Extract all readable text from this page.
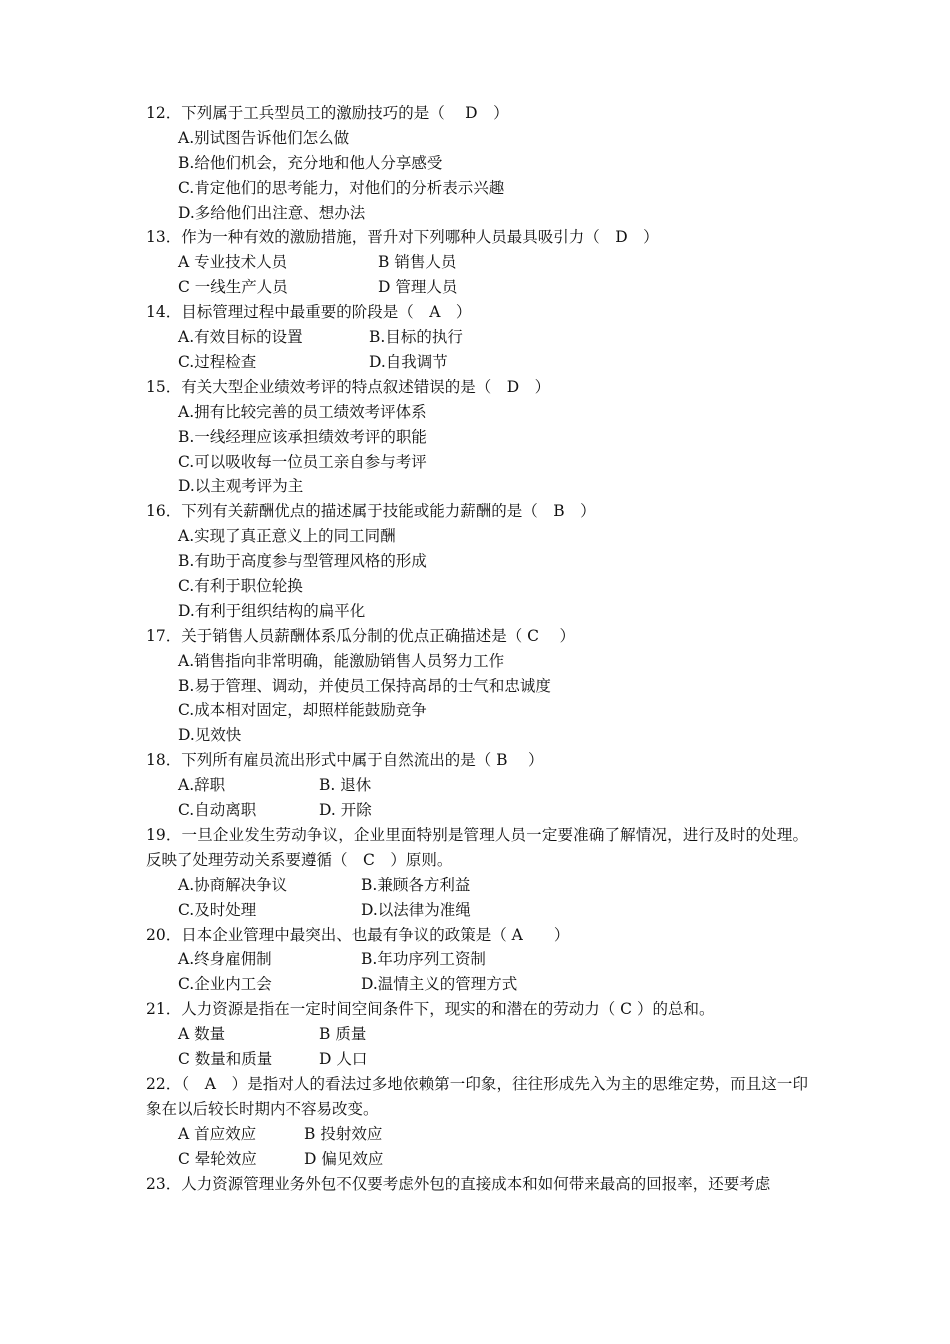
12．下列属于工兵型员工的激励技巧的是（　 D　）
A.别试图告诉他们怎么做
B.给他们机会，充分地和他人分享感受
C.肯定他们的思考能力，对他们的分析表示兴趣
D.多给他们出注意、想办法
13．作为一种有效的激励措施，晋升对下列哪种人员最具吸引力（　D　）
A 专业技术人员	B 销售人员
C 一线生产人员	D 管理人员
14．目标管理过程中最重要的阶段是（　A　）
A.有效目标的设置	B.目标的执行
C.过程检查	D.自我调节
15．有关大型企业绩效考评的特点叙述错误的是（　D　）
A.拥有比较完善的员工绩效考评体系
B.一线经理应该承担绩效考评的职能
C.可以吸收每一位员工亲自参与考评
D.以主观考评为主
16．下列有关薪酬优点的描述属于技能或能力薪酬的是（　B　）
A.实现了真正意义上的同工同酬
B.有助于高度参与型管理风格的形成
C.有利于职位轮换
D.有利于组织结构的扁平化
17．关于销售人员薪酬体系瓜分制的优点正确描述是（ C　 ）
A.销售指向非常明确，能激励销售人员努力工作
B.易于管理、调动，并使员工保持高昂的士气和忠诚度
C.成本相对固定，却照样能鼓励竞争
D.见效快
18．下列所有雇员流出形式中属于自然流出的是（ B　 ）
A.辞职	B. 退休
C.自动离职	D. 开除
19．一旦企业发生劳动争议，企业里面特别是管理人员一定要准确了解情况，进行及时的处理。反映了处理劳动关系要遵循（　C　）原则。
A.协商解决争议	B.兼顾各方利益
C.及时处理	D.以法律为准绳
20．日本企业管理中最突出、也最有争议的政策是（ A　　）
A.终身雇佣制	B.年功序列工资制
C.企业内工会	D.温情主义的管理方式
21．人力资源是指在一定时间空间条件下，现实的和潜在的劳动力（ C ）的总和。
A 数量	B 质量
C 数量和质量	D 人口
22．（　A　）是指对人的看法过多地依赖第一印象，往往形成先入为主的思维定势，而且这一印象在以后较长时期内不容易改变。
A 首应效应	B 投射效应
C 晕轮效应	D 偏见效应
23．人力资源管理业务外包不仅要考虑外包的直接成本和如何带来最高的回报率，还要考虑
